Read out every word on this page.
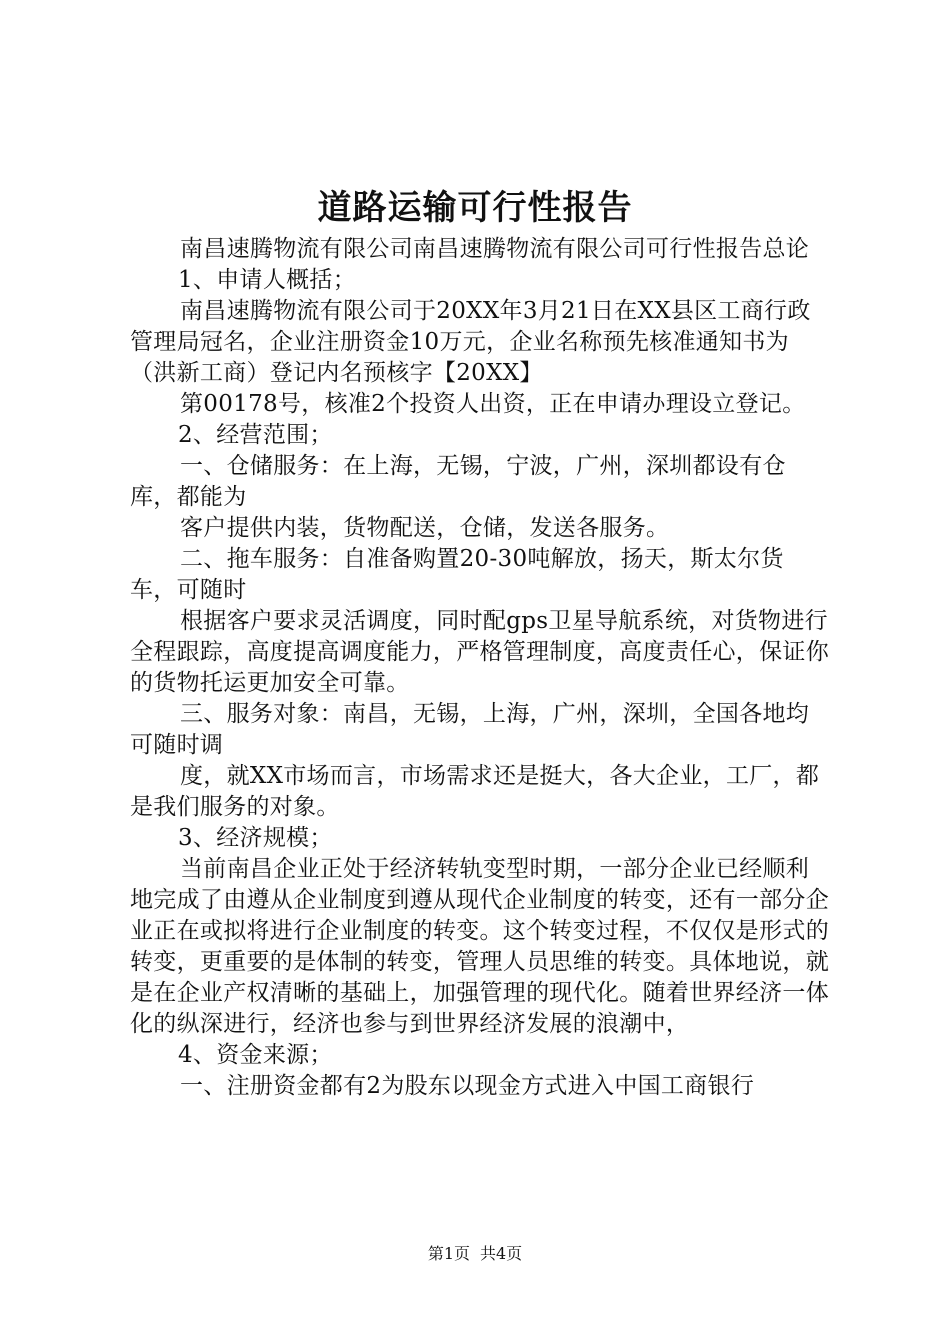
道路运输可行性报告

南昌速腾物流有限公司南昌速腾物流有限公司可行性报告总论

1、申请人概括；

南昌速腾物流有限公司于20XX年3月21日在XX县区工商行政管理局冠名，企业注册资金10万元，企业名称预先核准通知书为（洪新工商）登记内名预核字【20XX】

第00178号，核准2个投资人出资，正在申请办理设立登记。

2、经营范围；

一、仓储服务：在上海，无锡，宁波，广州，深圳都设有仓库，都能为

客户提供内装，货物配送，仓储，发送各服务。

二、拖车服务：自准备购置20-30吨解放，扬天，斯太尔货车，可随时

根据客户要求灵活调度，同时配gps卫星导航系统，对货物进行全程跟踪，高度提高调度能力，严格管理制度，高度责任心，保证你的货物托运更加安全可靠。

三、服务对象：南昌，无锡，上海，广州，深圳，全国各地均可随时调

度，就XX市场而言，市场需求还是挺大，各大企业，工厂，都是我们服务的对象。

3、经济规模；

当前南昌企业正处于经济转轨变型时期，一部分企业已经顺利地完成了由遵从企业制度到遵从现代企业制度的转变，还有一部分企业正在或拟将进行企业制度的转变。这个转变过程，不仅仅是形式的转变，更重要的是体制的转变，管理人员思维的转变。具体地说，就是在企业产权清晰的基础上，加强管理的现代化。随着世界经济一体化的纵深进行，经济也参与到世界经济发展的浪潮中，

4、资金来源；

一、注册资金都有2为股东以现金方式进入中国工商银行

第1页 共4页
